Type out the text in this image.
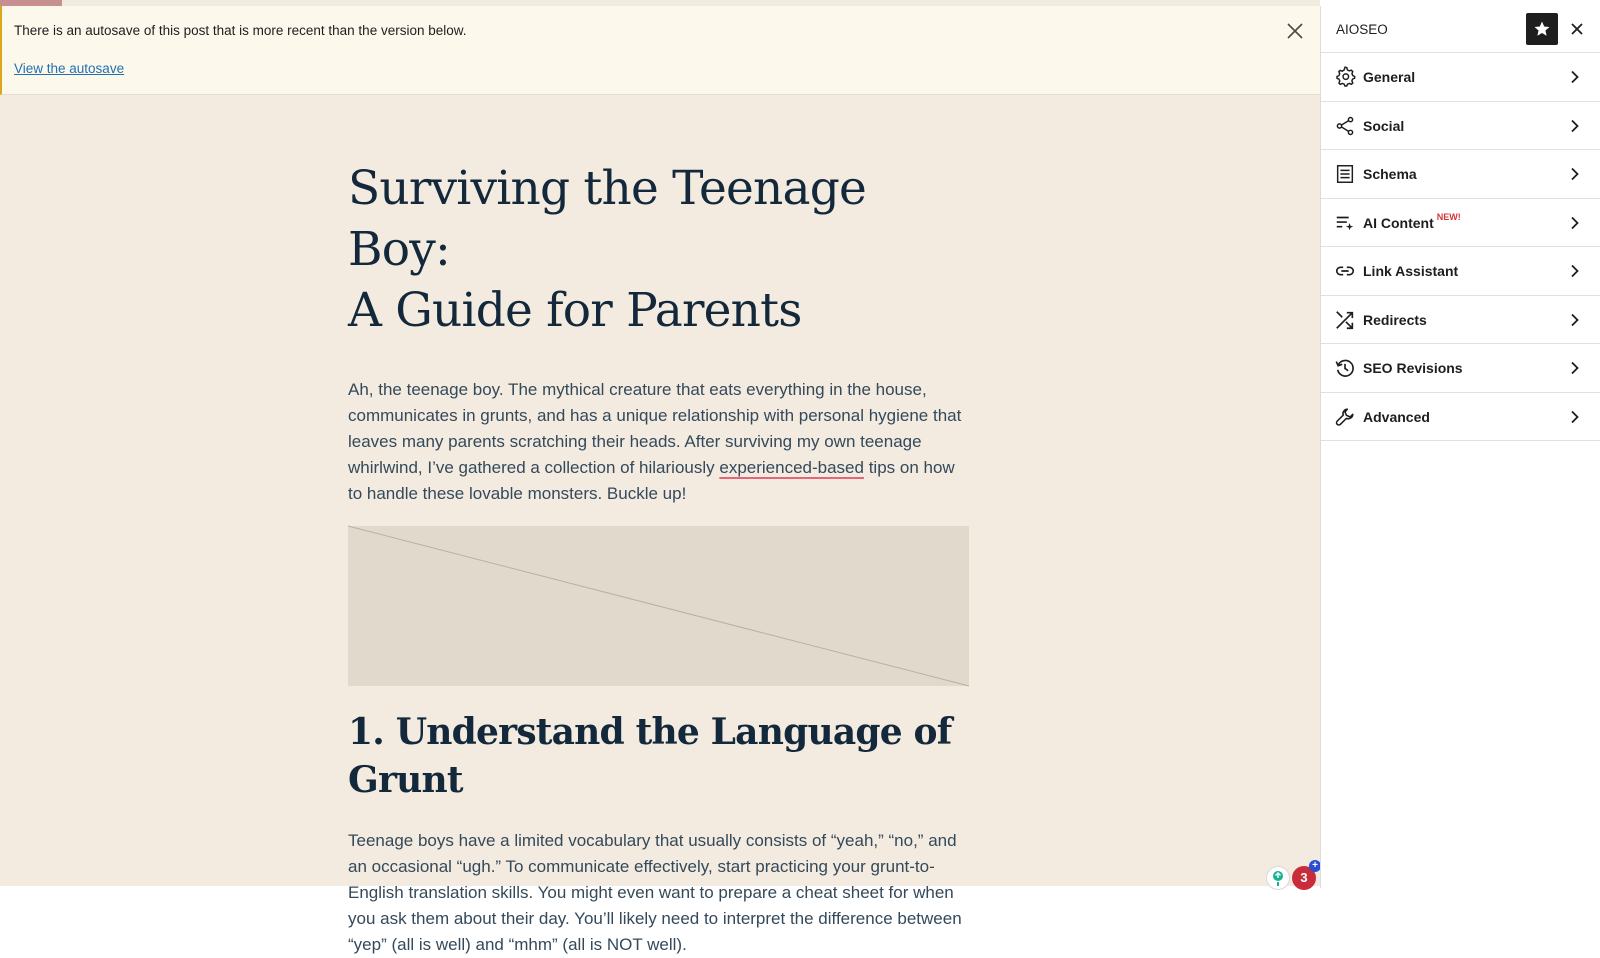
There is an autosave of this post that is more recent than the version below.
View the autosave
Surviving the Teenage Boy:
A Guide for Parents

Ah, the teenage boy. The mythical creature that eats everything in the house, communicates in grunts, and has a unique relationship with personal hygiene that leaves many parents scratching their heads. After surviving my own teenage whirlwind, I’ve gathered a collection of hilariously experienced-based tips on how to handle these lovable monsters. Buckle up!

1. Understand the Language of
Grunt

Teenage boys have a limited vocabulary that usually consists of “yeah,” “no,” and an occasional “ugh.” To communicate effectively, start practicing your grunt-to-English translation skills. You might even want to prepare a cheat sheet for when you ask them about their day. You’ll likely need to interpret the difference between “yep” (all is well) and “mhm” (all is NOT well).

3
+
AIOSEO
General
Social
Schema
AI Content $^{NEW!}$
Link Assistant
Redirects
SEO Revisions
Advanced
